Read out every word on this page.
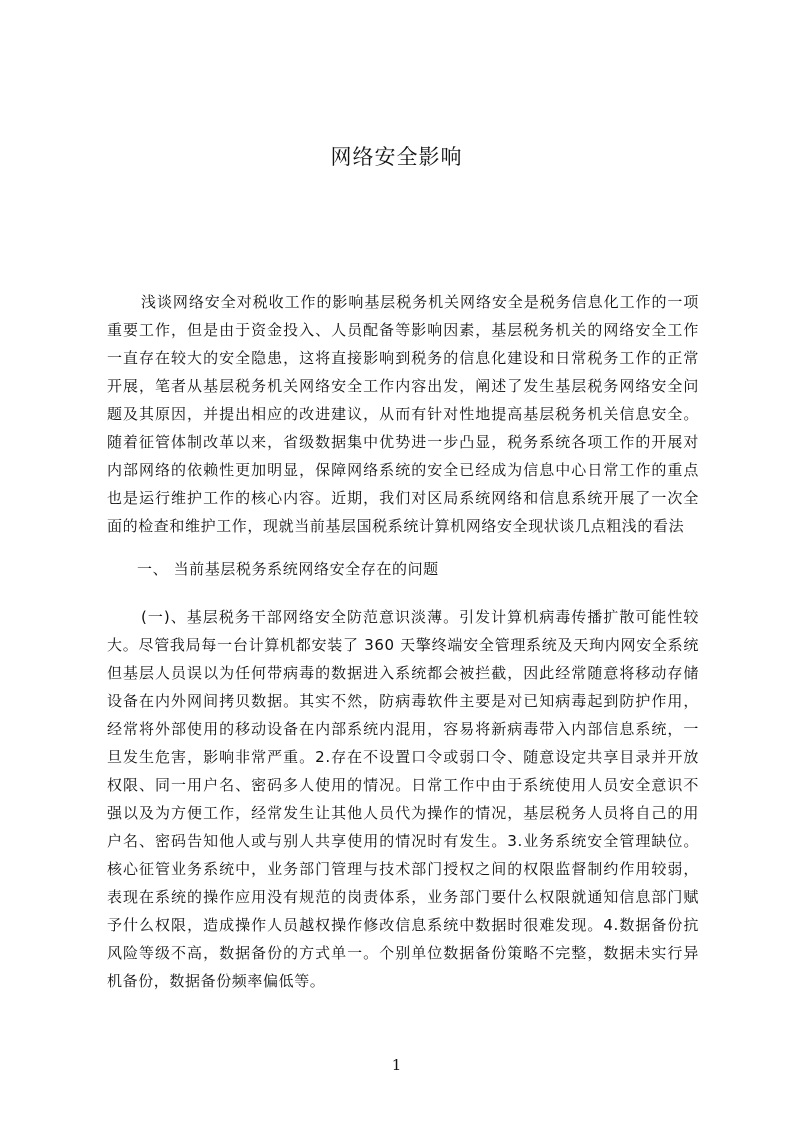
网络安全影响

浅谈网络安全对税收工作的影响基层税务机关网络安全是税务信息化工作的一项重要工作，但是由于资金投入、人员配备等影响因素，基层税务机关的网络安全工作一直存在较大的安全隐患，这将直接影响到税务的信息化建设和日常税务工作的正常开展，笔者从基层税务机关网络安全工作内容出发，阐述了发生基层税务网络安全问题及其原因，并提出相应的改进建议，从而有针对性地提高基层税务机关信息安全。随着征管体制改革以来，省级数据集中优势进一步凸显，税务系统各项工作的开展对内部网络的依赖性更加明显，保障网络系统的安全已经成为信息中心日常工作的重点也是运行维护工作的核心内容。近期，我们对区局系统网络和信息系统开展了一次全面的检查和维护工作，现就当前基层国税系统计算机网络安全现状谈几点粗浅的看法

一、 当前基层税务系统网络安全存在的问题

(一)、基层税务干部网络安全防范意识淡薄。引发计算机病毒传播扩散可能性较大。尽管我局每一台计算机都安装了 360 天擎终端安全管理系统及天珣内网安全系统但基层人员误以为任何带病毒的数据进入系统都会被拦截，因此经常随意将移动存储设备在内外网间拷贝数据。其实不然，防病毒软件主要是对已知病毒起到防护作用，经常将外部使用的移动设备在内部系统内混用，容易将新病毒带入内部信息系统，一旦发生危害，影响非常严重。2.存在不设置口令或弱口令、随意设定共享目录并开放权限、同一用户名、密码多人使用的情况。日常工作中由于系统使用人员安全意识不强以及为方便工作，经常发生让其他人员代为操作的情况，基层税务人员将自己的用户名、密码告知他人或与别人共享使用的情况时有发生。3.业务系统安全管理缺位。核心征管业务系统中，业务部门管理与技术部门授权之间的权限监督制约作用较弱，表现在系统的操作应用没有规范的岗责体系，业务部门要什么权限就通知信息部门赋予什么权限，造成操作人员越权操作修改信息系统中数据时很难发现。4.数据备份抗风险等级不高，数据备份的方式单一。个别单位数据备份策略不完整，数据未实行异机备份，数据备份频率偏低等。

1
